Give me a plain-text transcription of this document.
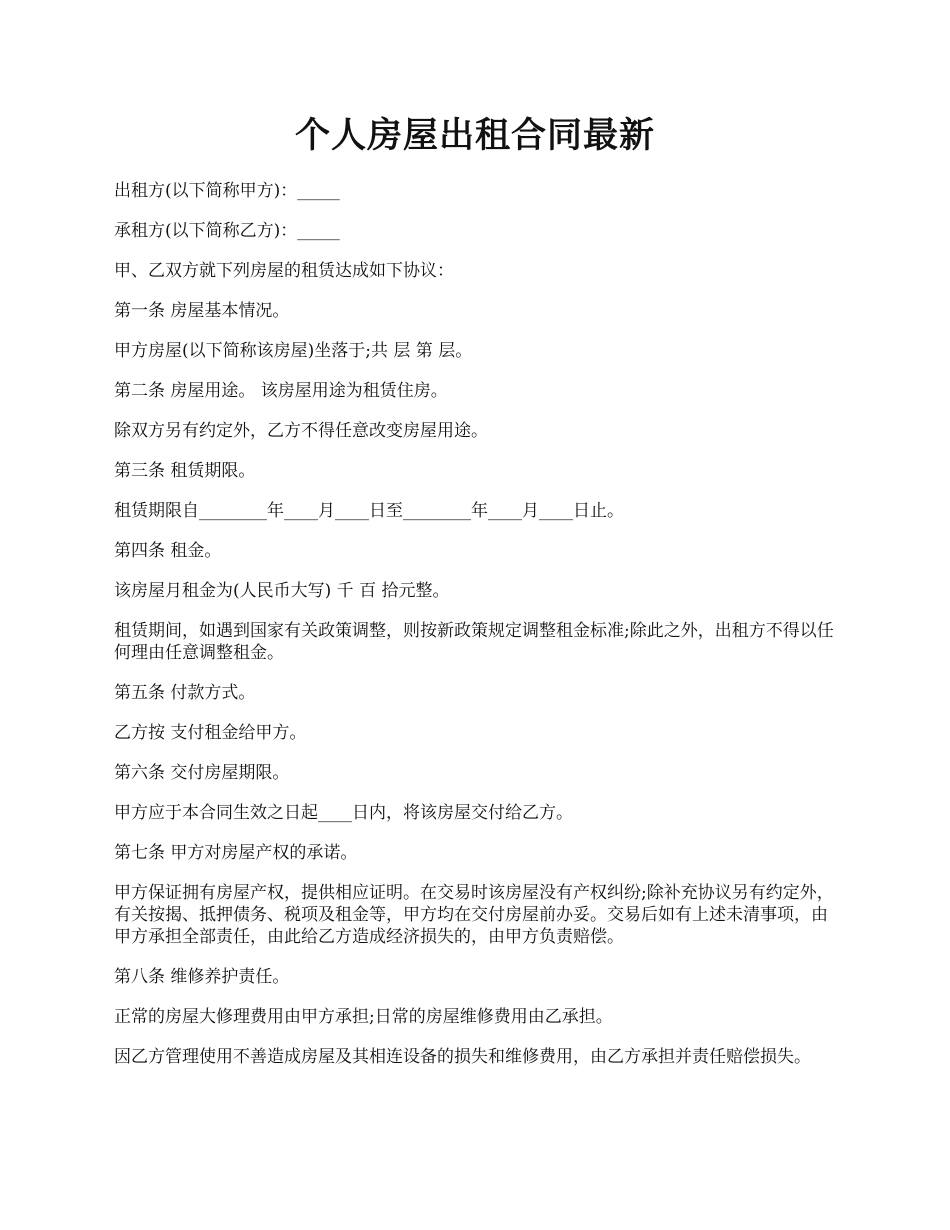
个人房屋出租合同最新

出租方(以下简称甲方)：_____

承租方(以下简称乙方)：_____

甲、乙双方就下列房屋的租赁达成如下协议：

第一条 房屋基本情况。

甲方房屋(以下简称该房屋)坐落于;共 层 第 层。

第二条 房屋用途。 该房屋用途为租赁住房。

除双方另有约定外，乙方不得任意改变房屋用途。

第三条 租赁期限。

租赁期限自________年____月____日至________年____月____日止。

第四条 租金。

该房屋月租金为(人民币大写) 千 百 拾元整。

租赁期间，如遇到国家有关政策调整，则按新政策规定调整租金标准;除此之外，出租方不得以任何理由任意调整租金。

第五条 付款方式。

乙方按 支付租金给甲方。

第六条 交付房屋期限。

甲方应于本合同生效之日起____日内，将该房屋交付给乙方。

第七条 甲方对房屋产权的承诺。

甲方保证拥有房屋产权，提供相应证明。在交易时该房屋没有产权纠纷;除补充协议另有约定外，有关按揭、抵押债务、税项及租金等，甲方均在交付房屋前办妥。交易后如有上述未清事项，由甲方承担全部责任，由此给乙方造成经济损失的，由甲方负责赔偿。

第八条 维修养护责任。

正常的房屋大修理费用由甲方承担;日常的房屋维修费用由乙承担。

因乙方管理使用不善造成房屋及其相连设备的损失和维修费用，由乙方承担并责任赔偿损失。
